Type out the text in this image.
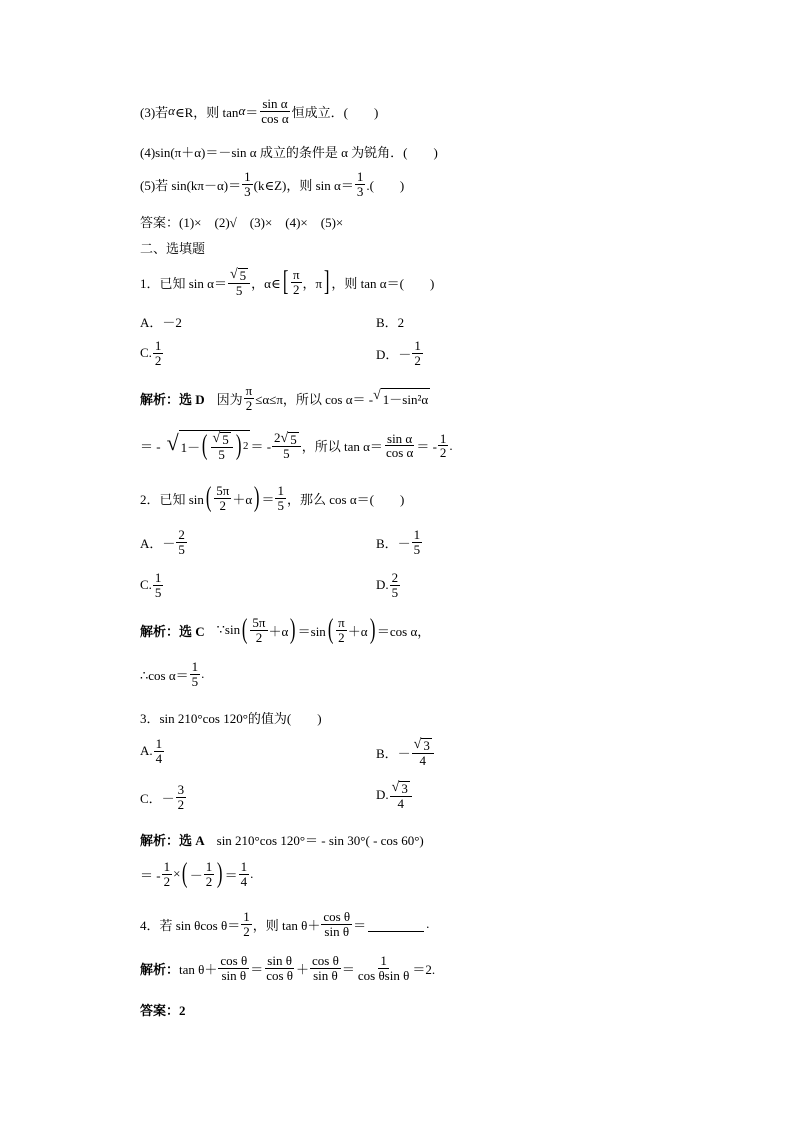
(3)若 α ∈R，则 $\tan \alpha = \frac{\text{sin α}}{\text{cos α}}$ 恒成立．(　　)
(4)sin(π＋α)＝－sin α 成立的条件是 α 为锐角．(　　)
(5)若 $\sin(k\pi-\alpha)= \frac{1}{3}$ (k∈Z)，则 $\sin \alpha= \frac{1}{3}$ .(　　)
答案：(1)×　(2)√　(3)×　(4)×　(5)×
二、选填题
1．已知 $\sin \alpha= \frac{√ 5}{5}$ ，α∈ [ $\frac{\pi}{2}$ ，π ] ，则 tan α＝(　　)
A．－2	B．2
C. $\frac{1}{2}$	D．－ $\frac{1}{2}$
解析：选 D 因为 $\frac{\pi}{2} \le\alpha\le\pi$，所以 cos α＝ - √ 1－sin²α
＝ - √ 1－ ( $\frac{√ 5}{5}$ ) 2 ＝ - $\frac{2 √ 5}{5}$ ，所以 $\tan \alpha= \frac{\text{sin α}}{\text{cos α}}$ ＝ - $\frac{1}{2}$ .
2．已知 sin ( $\frac{5\pi}{2} +\alpha$ ) ＝ $\frac{1}{5}$ ，那么 cos α＝(　　)
A．－ $\frac{2}{5}$	B．－ $\frac{1}{5}$
C. $\frac{1}{5}$	D. $\frac{2}{5}$
解析：选 C ∵sin ( $\frac{5\pi}{2} +\alpha$ ) ＝sin ( $\frac{\pi}{2} +\alpha$ ) ＝cos α，
∴cos $\alpha= \frac{1}{5}$ .
3．sin 210°cos 120°的值为(　　)
A. $\frac{1}{4}$	B．－ $\frac{√ 3}{4}$
C．－ $\frac{3}{2}$	D. $\frac{√ 3}{4}$
解析：选 A sin 210°cos 120°＝ - sin 30°( - cos 60°)
＝ - $\frac{1}{2}$ × ( － $\frac{1}{2}$ ) ＝ $\frac{1}{4}$ .
4．若 sin θcos $\theta= \frac{1}{2}$ ，则 $\tan \theta+ \frac{\text{cos θ}}{\text{sin θ}}$ ＝	.
解析： $\tan \theta+ \frac{\text{cos θ}}{\text{sin θ}} = \frac{\text{sin θ}}{\text{cos θ}} + \frac{\text{cos θ}}{\text{sin θ}} = \frac{1}{\text{cos θsin θ}} =2$.
答案：2
